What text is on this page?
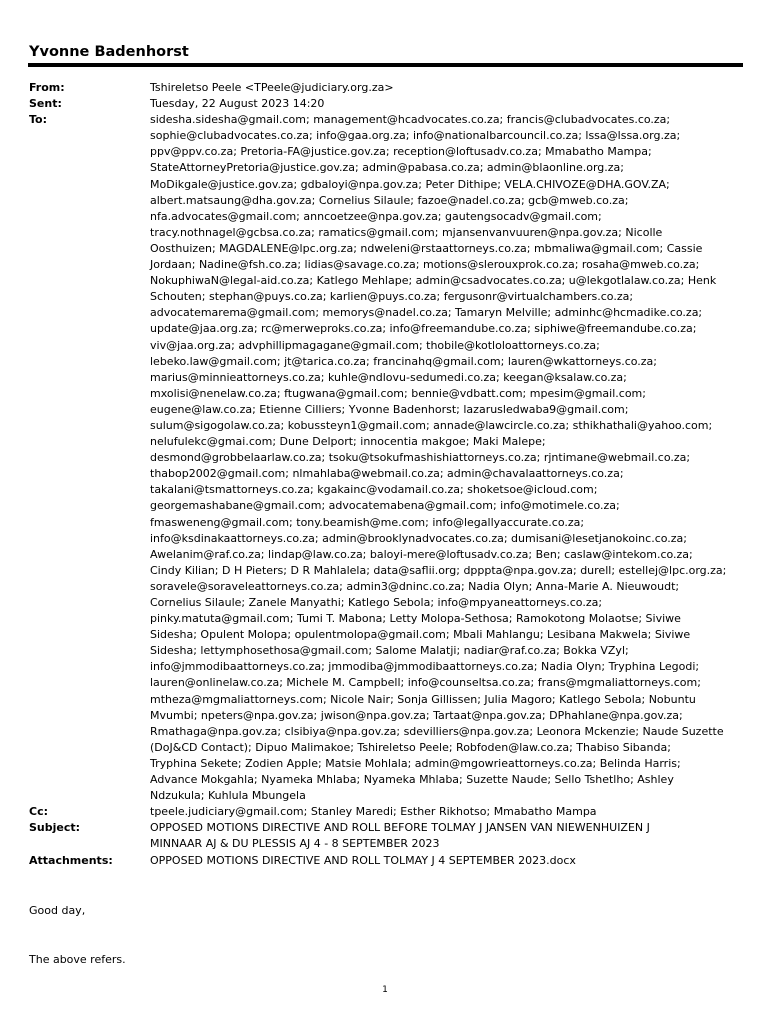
Yvonne Badenhorst
From:	Tshireletso Peele <TPeele@judiciary.org.za>
Sent:	Tuesday, 22 August 2023 14:20
To:	sidesha.sidesha@gmail.com; management@hcadvocates.co.za; francis@clubadvocates.co.za;
sophie@clubadvocates.co.za; info@gaa.org.za; info@nationalbarcouncil.co.za; lssa@lssa.org.za;
ppv@ppv.co.za; Pretoria-FA@justice.gov.za; reception@loftusadv.co.za; Mmabatho Mampa;
StateAttorneyPretoria@justice.gov.za; admin@pabasa.co.za; admin@blaonline.org.za;
MoDikgale@justice.gov.za; gdbaloyi@npa.gov.za; Peter Dithipe; VELA.CHIVOZE@DHA.GOV.ZA;
albert.matsaung@dha.gov.za; Cornelius Silaule; fazoe@nadel.co.za; gcb@mweb.co.za;
nfa.advocates@gmail.com; anncoetzee@npa.gov.za; gautengsocadv@gmail.com;
tracy.nothnagel@gcbsa.co.za; ramatics@gmail.com; mjansenvanvuuren@npa.gov.za; Nicolle
Oosthuizen; MAGDALENE@lpc.org.za; ndweleni@rstaattorneys.co.za; mbmaliwa@gmail.com; Cassie
Jordaan; Nadine@fsh.co.za; lidias@savage.co.za; motions@slerouxprok.co.za; rosaha@mweb.co.za;
NokuphiwaN@legal-aid.co.za; Katlego Mehlape; admin@csadvocates.co.za; u@lekgotlalaw.co.za; Henk
Schouten; stephan@puys.co.za; karlien@puys.co.za; fergusonr@virtualchambers.co.za;
advocatemarema@gmail.com; memorys@nadel.co.za; Tamaryn Melville; adminhc@hcmadike.co.za;
update@jaa.org.za; rc@merweproks.co.za; info@freemandube.co.za; siphiwe@freemandube.co.za;
viv@jaa.org.za; advphillipmagagane@gmail.com; thobile@kotloloattorneys.co.za;
lebeko.law@gmail.com; jt@tarica.co.za; francinahq@gmail.com; lauren@wkattorneys.co.za;
marius@minnieattorneys.co.za; kuhle@ndlovu-sedumedi.co.za; keegan@ksalaw.co.za;
mxolisi@nenelaw.co.za; ftugwana@gmail.com; bennie@vdbatt.com; mpesim@gmail.com;
eugene@law.co.za; Etienne Cilliers; Yvonne Badenhorst; lazarusledwaba9@gmail.com;
sulum@sigogolaw.co.za; kobussteyn1@gmail.com; annade@lawcircle.co.za; sthikhathali@yahoo.com;
nelufulekc@gmai.com; Dune Delport; innocentia makgoe; Maki Malepe;
desmond@grobbelaarlaw.co.za; tsoku@tsokufmashishiattorneys.co.za; rjntimane@webmail.co.za;
thabop2002@gmail.com; nlmahlaba@webmail.co.za; admin@chavalaattorneys.co.za;
takalani@tsmattorneys.co.za; kgakainc@vodamail.co.za; shoketsoe@icloud.com;
georgemashabane@gmail.com; advocatemabena@gmail.com; info@motimele.co.za;
fmasweneng@gmail.com; tony.beamish@me.com; info@legallyaccurate.co.za;
info@ksdinakaattorneys.co.za; admin@brooklynadvocates.co.za; dumisani@lesetjanokoinc.co.za;
Awelanim@raf.co.za; lindap@law.co.za; baloyi-mere@loftusadv.co.za; Ben; caslaw@intekom.co.za;
Cindy Kilian; D H Pieters; D R Mahlalela; data@saflii.org; dpppta@npa.gov.za; durell; estellej@lpc.org.za;
soravele@soraveleattorneys.co.za; admin3@dninc.co.za; Nadia Olyn; Anna-Marie A. Nieuwoudt;
Cornelius Silaule; Zanele Manyathi; Katlego Sebola; info@mpyaneattorneys.co.za;
pinky.matuta@gmail.com; Tumi T. Mabona; Letty Molopa-Sethosa; Ramokotong Molaotse; Siviwe
Sidesha; Opulent Molopa; opulentmolopa@gmail.com; Mbali Mahlangu; Lesibana Makwela; Siviwe
Sidesha; lettymphosethosa@gmail.com; Salome Malatji; nadiar@raf.co.za; Bokka VZyl;
info@jmmodibaattorneys.co.za; jmmodiba@jmmodibaattorneys.co.za; Nadia Olyn; Tryphina Legodi;
lauren@onlinelaw.co.za; Michele M. Campbell; info@counseltsa.co.za; frans@mgmaliattorneys.com;
mtheza@mgmaliattorneys.com; Nicole Nair; Sonja Gillissen; Julia Magoro; Katlego Sebola; Nobuntu
Mvumbi; npeters@npa.gov.za; jwison@npa.gov.za; Tartaat@npa.gov.za; DPhahlane@npa.gov.za;
Rmathaga@npa.gov.za; clsibiya@npa.gov.za; sdevilliers@npa.gov.za; Leonora Mckenzie; Naude Suzette
(DoJ&CD Contact); Dipuo Malimakoe; Tshireletso Peele; Robfoden@law.co.za; Thabiso Sibanda;
Tryphina Sekete; Zodien Apple; Matsie Mohlala; admin@mgowrieattorneys.co.za; Belinda Harris;
Advance Mokgahla; Nyameka Mhlaba; Nyameka Mhlaba; Suzette Naude; Sello Tshetlho; Ashley
Ndzukula; Kuhlula Mbungela
Cc:	tpeele.judiciary@gmail.com; Stanley Maredi; Esther Rikhotso; Mmabatho Mampa
Subject:	OPPOSED MOTIONS DIRECTIVE AND ROLL BEFORE TOLMAY J JANSEN VAN NIEWENHUIZEN J
MINNAAR AJ & DU PLESSIS AJ 4 - 8 SEPTEMBER 2023
Attachments:	OPPOSED MOTIONS DIRECTIVE AND ROLL TOLMAY J 4 SEPTEMBER 2023.docx
Good day,
The above refers.
1
